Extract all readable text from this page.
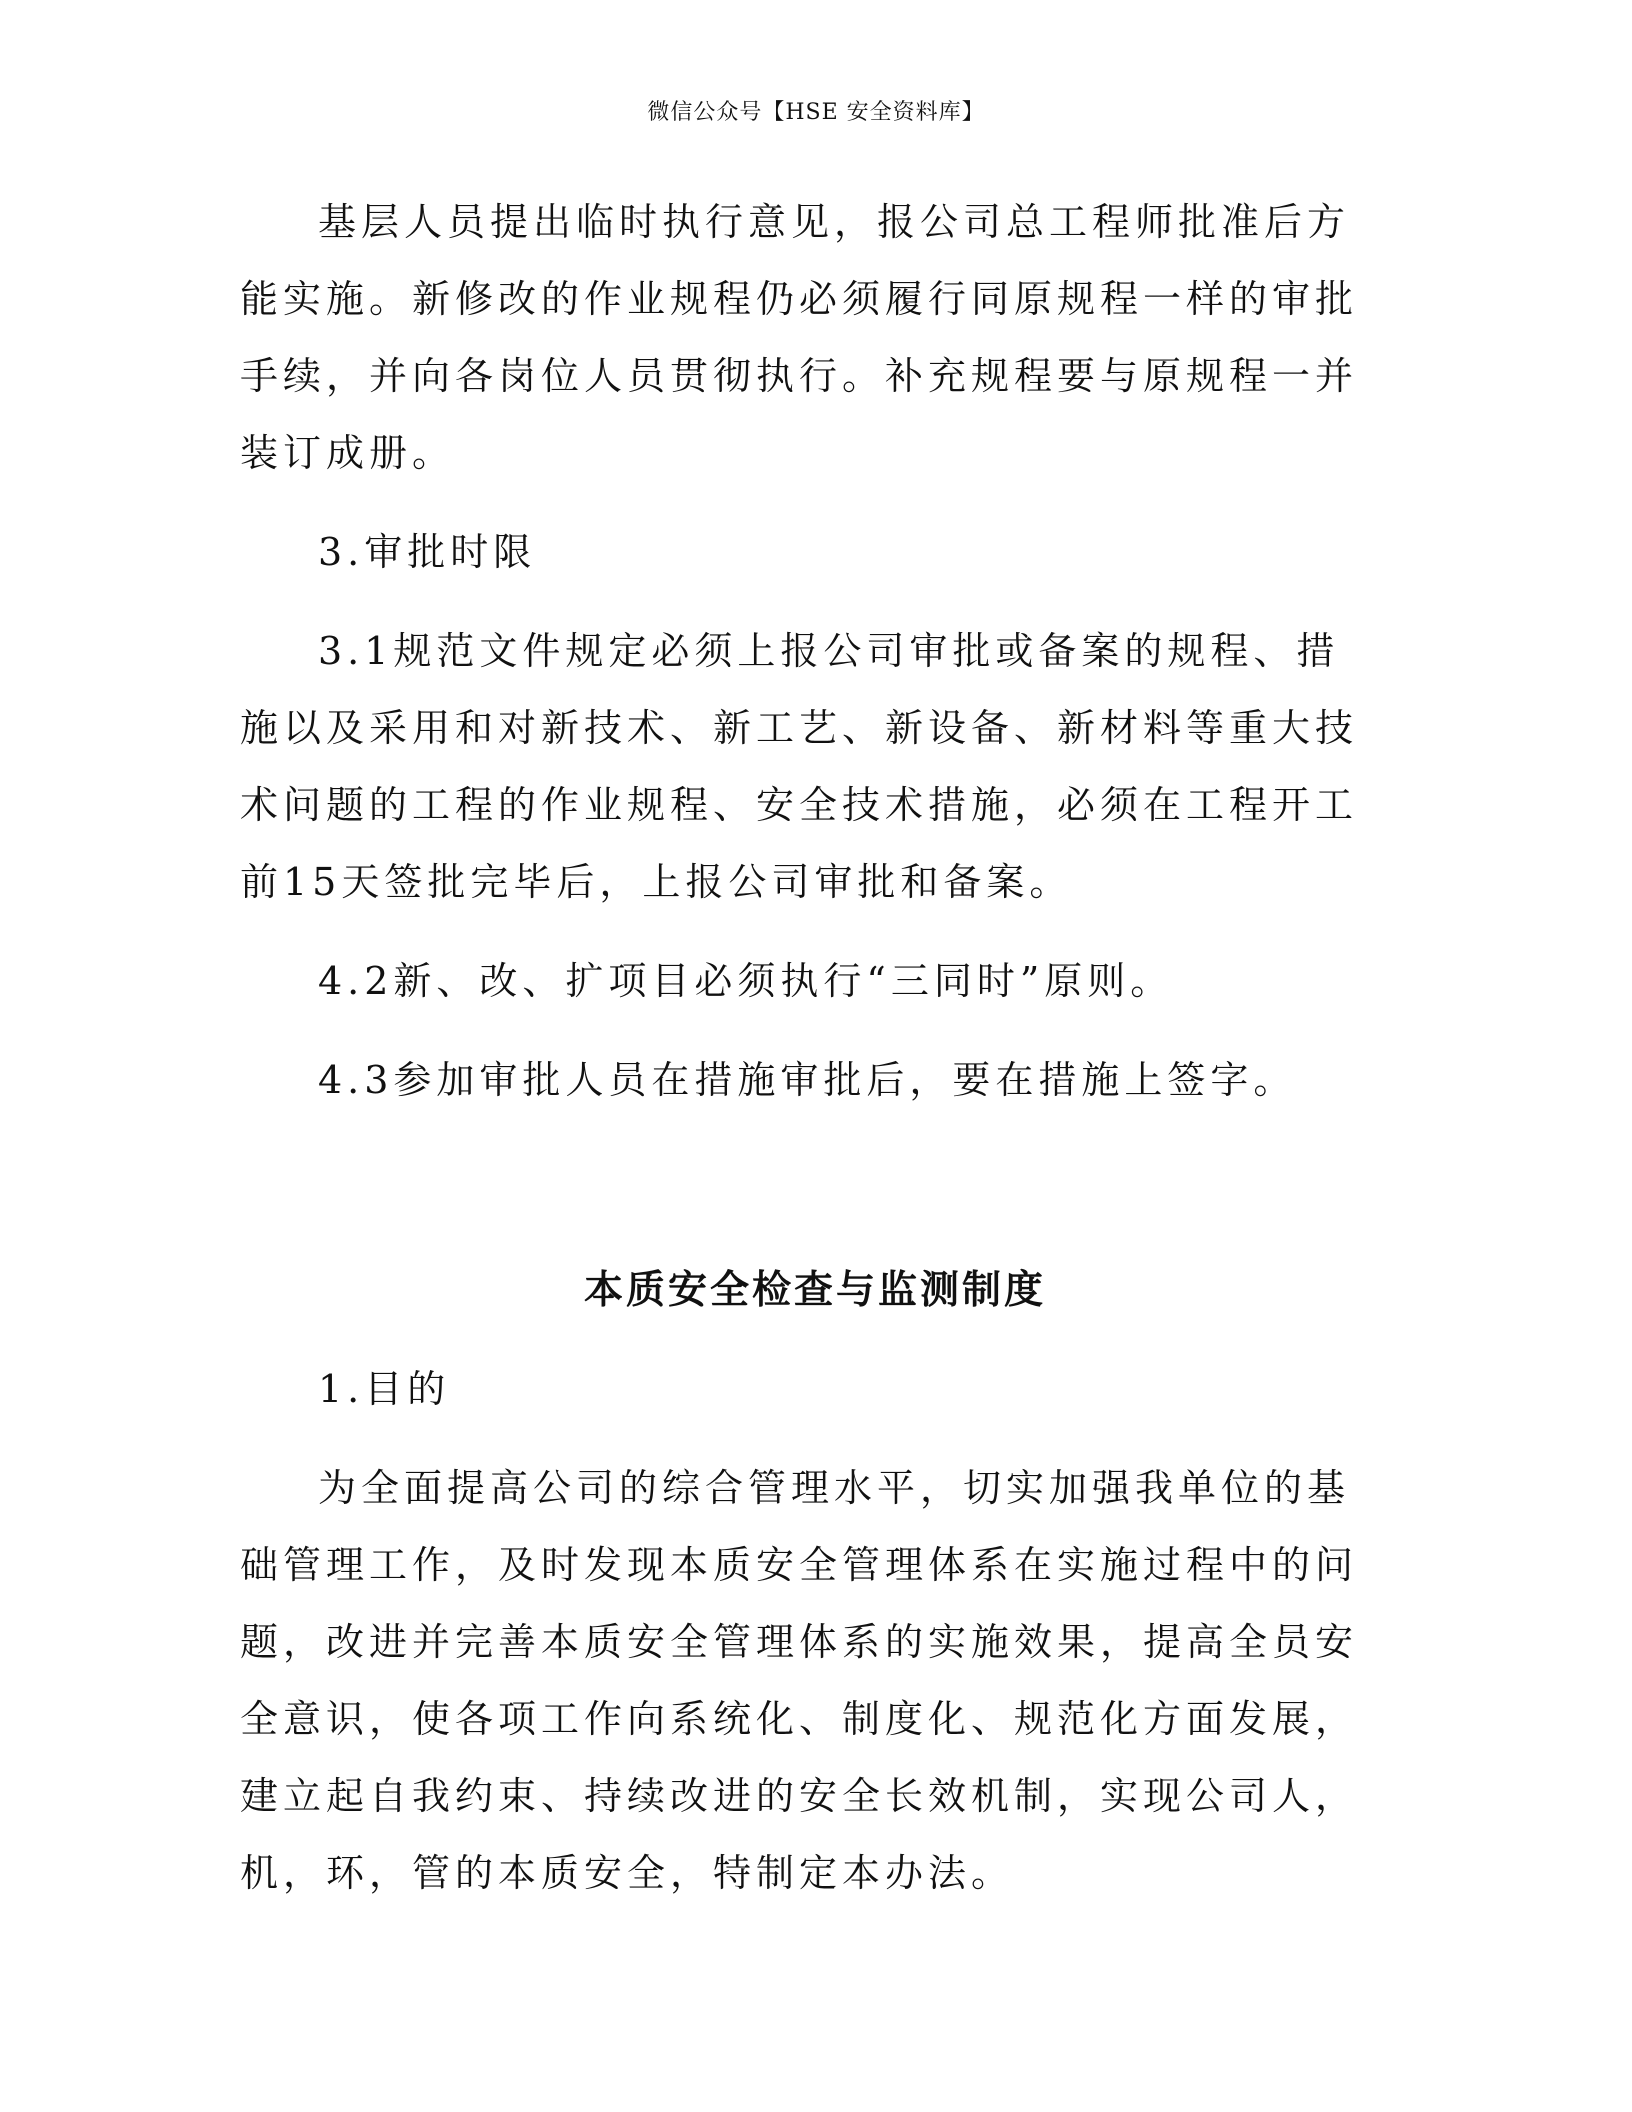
微信公众号【HSE 安全资料库】

基层人员提出临时执行意见，报公司总工程师批准后方能实施。新修改的作业规程仍必须履行同原规程一样的审批手续，并向各岗位人员贯彻执行。补充规程要与原规程一并装订成册。

3.审批时限

3.1规范文件规定必须上报公司审批或备案的规程、措施以及采用和对新技术、新工艺、新设备、新材料等重大技术问题的工程的作业规程、安全技术措施，必须在工程开工前15天签批完毕后，上报公司审批和备案。

4.2新、改、扩项目必须执行“三同时”原则。

4.3参加审批人员在措施审批后，要在措施上签字。

本质安全检查与监测制度

1.目的

为全面提高公司的综合管理水平，切实加强我单位的基础管理工作，及时发现本质安全管理体系在实施过程中的问题，改进并完善本质安全管理体系的实施效果，提高全员安全意识，使各项工作向系统化、制度化、规范化方面发展，建立起自我约束、持续改进的安全长效机制，实现公司人，机，环，管的本质安全，特制定本办法。
